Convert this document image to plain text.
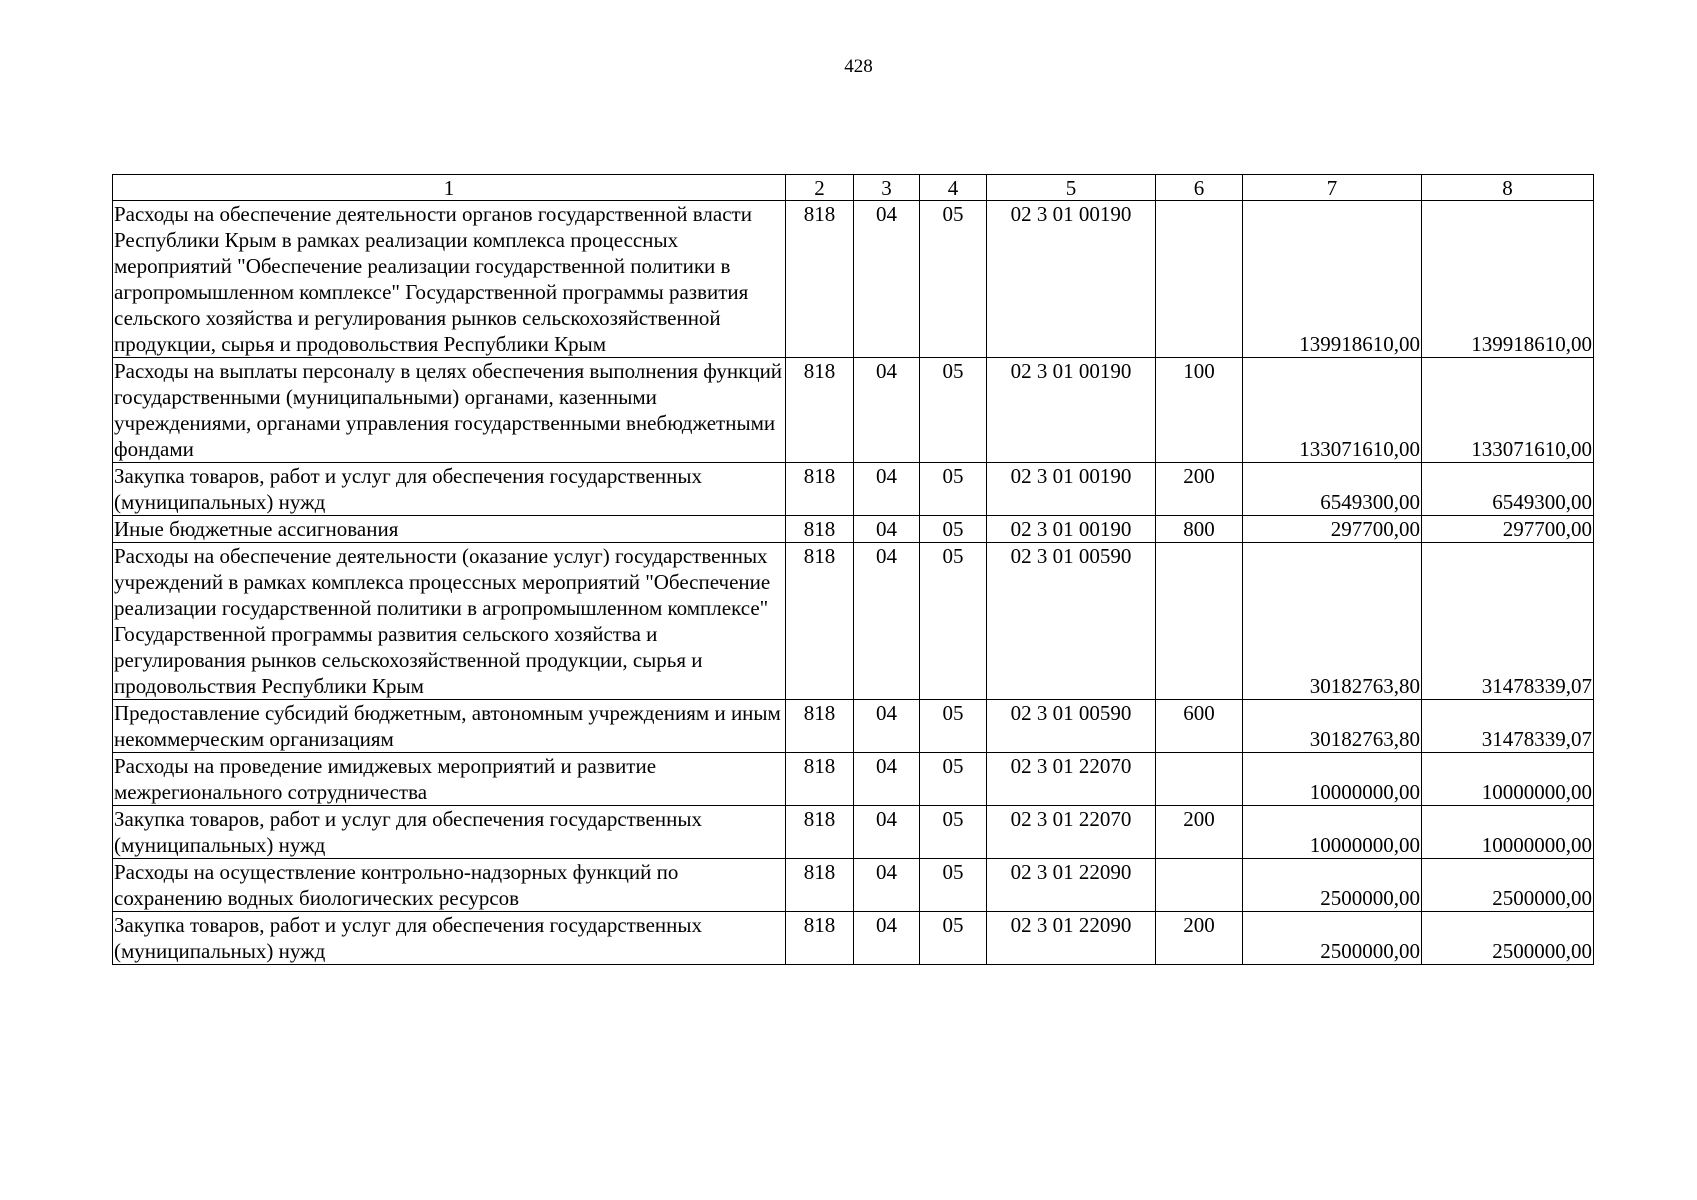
428
1	2	3	4	5	6	7	8
Расходы на обеспечение деятельности органов государственной власти Республики Крым в рамках реализации комплекса процессных мероприятий "Обеспечение реализации государственной политики в агропромышленном комплексе" Государственной программы развития сельского хозяйства и регулирования рынков сельскохозяйственной продукции, сырья и продовольствия Республики Крым	818	04	05	02 3 01 00190		139918610,00	139918610,00
Расходы на выплаты персоналу в целях обеспечения выполнения функций государственными (муниципальными) органами, казенными учреждениями, органами управления государственными внебюджетными фондами	818	04	05	02 3 01 00190	100	133071610,00	133071610,00
Закупка товаров, работ и услуг для обеспечения государственных (муниципальных) нужд	818	04	05	02 3 01 00190	200	6549300,00	6549300,00
Иные бюджетные ассигнования	818	04	05	02 3 01 00190	800	297700,00	297700,00
Расходы на обеспечение деятельности (оказание услуг) государственных учреждений в рамках комплекса процессных мероприятий "Обеспечение реализации государственной политики в агропромышленном комплексе" Государственной программы развития сельского хозяйства и регулирования рынков сельскохозяйственной продукции, сырья и продовольствия Республики Крым	818	04	05	02 3 01 00590		30182763,80	31478339,07
Предоставление субсидий бюджетным, автономным учреждениям и иным некоммерческим организациям	818	04	05	02 3 01 00590	600	30182763,80	31478339,07
Расходы на проведение имиджевых мероприятий и развитие межрегионального сотрудничества	818	04	05	02 3 01 22070		10000000,00	10000000,00
Закупка товаров, работ и услуг для обеспечения государственных (муниципальных) нужд	818	04	05	02 3 01 22070	200	10000000,00	10000000,00
Расходы на осуществление контрольно-надзорных функций по сохранению водных биологических ресурсов	818	04	05	02 3 01 22090		2500000,00	2500000,00
Закупка товаров, работ и услуг для обеспечения государственных (муниципальных) нужд	818	04	05	02 3 01 22090	200	2500000,00	2500000,00
